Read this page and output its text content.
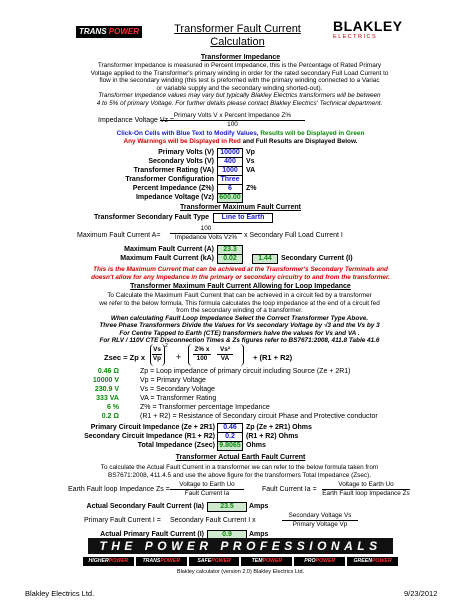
TRANS POWER	Transformer Fault Current
Calculation
BLAKLEY
E L E C T R I C S
Transformer Impedance
Transformer Impedance is measured in Percent Impedance, this is the Percentage of Rated Primary
Voltage applied to the Transformer's primary winding in order for the rated secondary Full Load Current to
flow in the secondary winding (this test is preformed with the primary winding connected to a Variac
or variable supply and the secondary winding shorted-out).
Transformer Impedance values may vary but typically Blakley Electrics transformers will be between
4 to 5% of primary Voltage. For further details please contact Blakley Electrics' Technical department.
Impedance Voltage Vz =
Primary Volts V x Percent Impedance Z%
100
Click-On Cells with Blue Text to Modify Values, Results will be Displayed in Green
Any Warnings will be Displayed in Red and Full Results are Displayed Below.
Primary Volts (V) 10000 Vp
Secondary Volts (V)	400	Vs
Transformer Rating (VA)	1000	VA
Transformer Configuration Three
Percent Impedance (Z%)	6	Z%
Impedance Voltage (Vz) 600.00
Transformer Maximum Fault Current
Transformer Secondary Fault Type	Line to Earth
Maximum Fault Current A=
100
Impedance Volts Vz% x Secondary Full Load Current I
Maximum Fault Current (A)	23.3
Maximum Fault Current (kA)	0.02	1.44	Secondary Current (I)
This is the Maximum Current that can be achieved at the Transformer's Secondary Terminals and
doesn't allow for any Impedance in the primary or secondary circuitry to and from the transformer.
Transformer Maximum Fault Current Allowing for Loop Impedance
To Calculate the Maximum Fault Current that can be achieved in a circuit fed by a transformer
we refer to the below formula. This formula calculates the loop impedance at the end of a circuit fed
from the secondary winding of a transformer.
When calculating Fault Loop Impedance Select the Correct Transformer Type Above.
Three Phase Transformers Divide the Values for Vs secondary Voltage by √3 and the Vs by 3
For Centre Tapped to Earth (CTE) transformers halve the values for Vs and VA .
For RLV / 110V CTE Disconnection Times & Zs figures refer to BS7671:2008, 411.8 Table 41.6
Zsec = Zp x $\frac{Vs}{Vp} 2$
+ $\frac{Z\% x}{100} \frac{\text{Vs²}}{VA}$	+ (R1 + R2)
0.46 Ω	Zp = Loop impedance of primary circuit including Source (Ze + 2R1)
10000 V	Vp = Primary Voltage
230.9 V	Vs = Secondary Voltage
333 VA	VA = Transformer Rating
6 %	Z% = Transformer percentage Impedance
0.2 Ω	(R1 + R2) = Resistance of Secondary circuit Phase and Protective conductor
Primary Circuit Impedance (Ze + 2R1)	0.46	Zp (Ze + 2R1) Ohms
Secondary Circuit Impedance (R1 + R2)	0.2	(R1 + R2) Ohms
Total Impedance (Zsec) 9.8065 Ohms
Transformer Actual Earth Fault Current
To calculate the Actual Fault Current in a transformer we can refer to the below formula taken from
BS7671:2008, 411.4.5 and use the above figure for the transformers Total Impedance (Zsec).
Earth Fault loop Impedance Zs =
Voltage to Earth Uo
Fault Current Ia	Fault Current Ia =
Voltage to Earth Uo
Earth Fault loop Impedance Zs
Actual Secondary Fault Current (Ia)	23.5	Amps
Primary Fault Current I = Secondary Fault Current I x
Secondary Voltage Vs
Primary Voltage Vp
Actual Primary Fault Current (I)	0.9	Amps
THE POWER PROFESSIONALS
HIGHERPOWER	TRANSPOWER	SAFEPOWER	TEMPOWER	PROPOWER	GREENPOWER
Blakley calculator (version 2.0) Blakley Electrics Ltd.
Blakley Electrics Ltd.	9/23/2012
